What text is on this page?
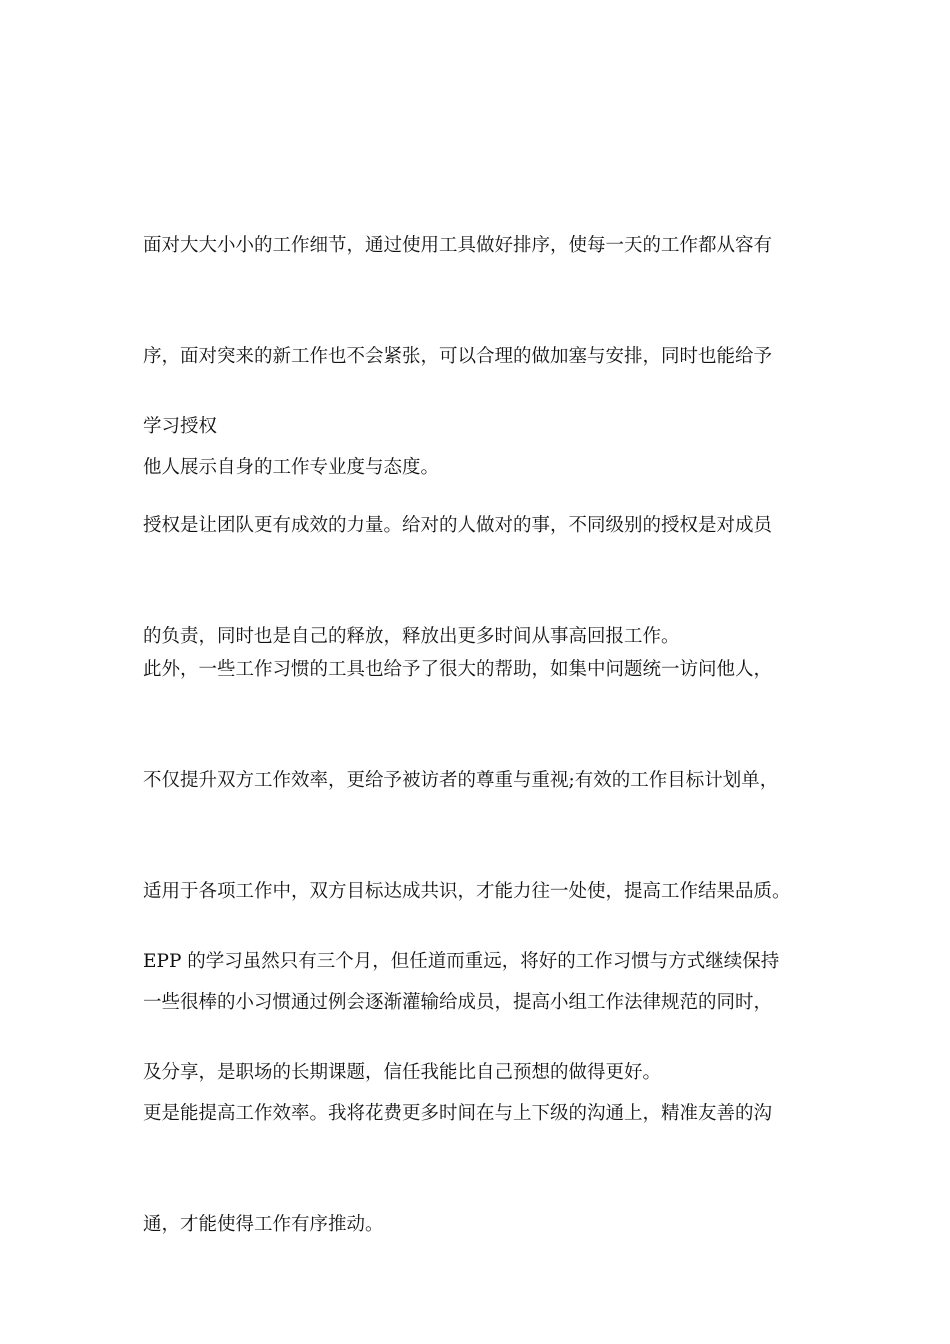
面对大大小小的工作细节，通过使用工具做好排序，使每一天的工作都从容有

序，面对突来的新工作也不会紧张，可以合理的做加塞与安排，同时也能给予

他人展示自身的工作专业度与态度。

学习授权

授权是让团队更有成效的力量。给对的人做对的事，不同级别的授权是对成员

的负责，同时也是自己的释放，释放出更多时间从事高回报工作。

此外，一些工作习惯的工具也给予了很大的帮助，如集中问题统一访问他人，

不仅提升双方工作效率，更给予被访者的尊重与重视;有效的工作目标计划单，

适用于各项工作中，双方目标达成共识，才能力往一处使，提高工作结果品质。

一些很棒的小习惯通过例会逐渐灌输给成员，提高小组工作法律规范的同时，

更是能提高工作效率。我将花费更多时间在与上下级的沟通上，精准友善的沟

通，才能使得工作有序推动。

EPP 的学习虽然只有三个月，但任道而重远，将好的工作习惯与方式继续保持

及分享，是职场的长期课题，信任我能比自己预想的做得更好。
